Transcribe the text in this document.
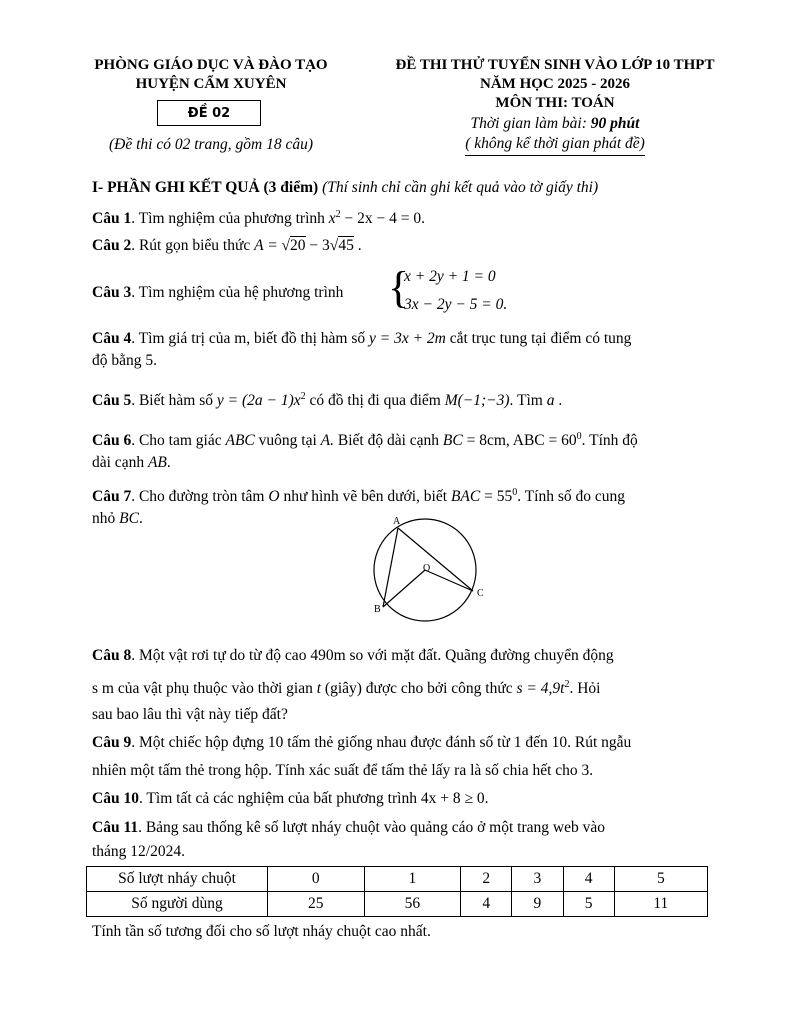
PHÒNG GIÁO DỤC VÀ ĐÀO TẠO
HUYỆN CẨM XUYÊN
ĐỀ 02
(Đề thi có 02 trang, gồm 18 câu)
ĐỀ THI THỬ TUYỂN SINH VÀO LỚP 10 THPT
NĂM HỌC 2025 - 2026
MÔN THI: TOÁN
Thời gian làm bài: 90 phút
( không kể thời gian phát đề)
I- PHẦN GHI KẾT QUẢ (3 điểm) (Thí sinh chỉ cần ghi kết quả vào tờ giấy thi)
Câu 1. Tìm nghiệm của phương trình $x^2 - 2x - 4 = 0$.
Câu 2. Rút gọn biểu thức A = √20 − 3√45 .
Câu 3. Tìm nghiệm của hệ phương trình {
x + 2y + 1 = 0
3x − 2y − 5 = 0.
Câu 4. Tìm giá trị của m, biết đồ thị hàm số y = 3x + 2m cắt trục tung tại điểm có tung
độ bằng 5.
Câu 5. Biết hàm số $y = (2a - 1)x^2$ có đồ thị đi qua điểm M(−1;−3). Tìm a .
Câu 6. Cho tam giác ABC vuông tại A. Biết độ dài cạnh BC = 8cm, ABC = $60^0$. Tính độ
dài cạnh AB.
Câu 7. Cho đường tròn tâm O như hình vẽ bên dưới, biết BAC = $55^0$. Tính số đo cung
nhỏ BC.	A
B
C
O
Câu 8. Một vật rơi tự do từ độ cao 490m so với mặt đất. Quãng đường chuyển động
s m của vật phụ thuộc vào thời gian t (giây) được cho bởi công thức $s = 4,9t^2$. Hỏi
sau bao lâu thì vật này tiếp đất?
Câu 9. Một chiếc hộp đựng 10 tấm thẻ giống nhau được đánh số từ 1 đến 10. Rút ngẫu
nhiên một tấm thẻ trong hộp. Tính xác suất để tấm thẻ lấy ra là số chia hết cho 3.
Câu 10. Tìm tất cả các nghiệm của bất phương trình 4x + 8 ≥ 0.
Câu 11. Bảng sau thống kê số lượt nháy chuột vào quảng cáo ở một trang web vào
tháng 12/2024.
Số lượt nháy chuột	0	1	2	3	4	5
Số người dùng	25	56	4	9	5	11
Tính tần số tương đối cho số lượt nháy chuột cao nhất.
